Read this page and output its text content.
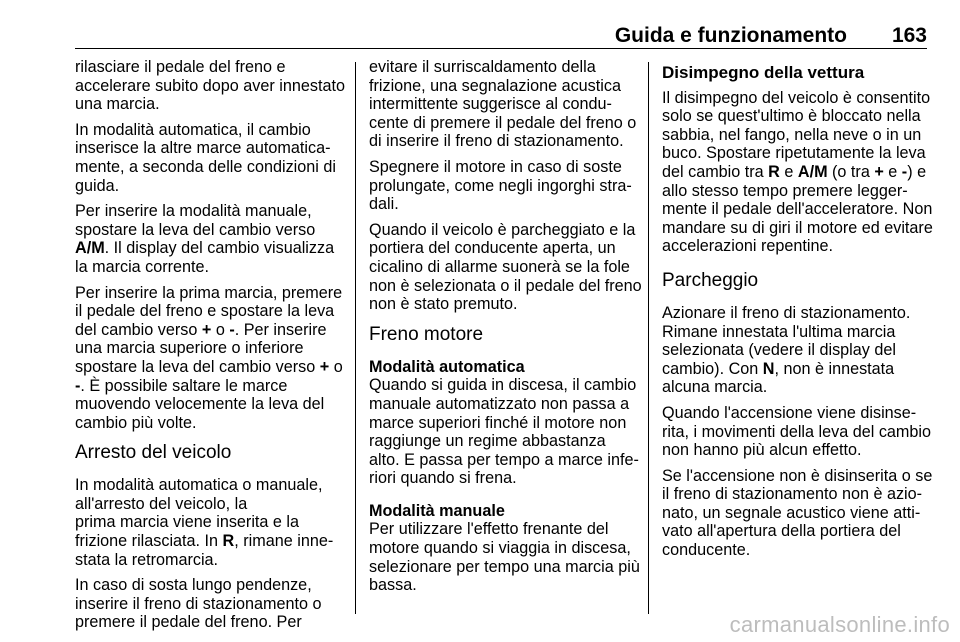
Guida e funzionamento 163

rilasciare il pedale del freno e
accelerare subito dopo aver innestato
una marcia.

In modalità automatica, il cambio
inserisce la altre marce automatica-
mente, a seconda delle condizioni di
guida.

Per inserire la modalità manuale,
spostare la leva del cambio verso
A/M. Il display del cambio visualizza
la marcia corrente.

Per inserire la prima marcia, premere
il pedale del freno e spostare la leva
del cambio verso + o -. Per inserire
una marcia superiore o inferiore
spostare la leva del cambio verso + o
-. È possibile saltare le marce
muovendo velocemente la leva del
cambio più volte.

Arresto del veicolo

In modalità automatica o manuale,
all'arresto del veicolo, la
prima marcia viene inserita e la
frizione rilasciata. In R, rimane inne-
stata la retromarcia.

In caso di sosta lungo pendenze,
inserire il freno di stazionamento o
premere il pedale del freno. Per

evitare il surriscaldamento della
frizione, una segnalazione acustica
intermittente suggerisce al condu-
cente di premere il pedale del freno o
di inserire il freno di stazionamento.

Spegnere il motore in caso di soste
prolungate, come negli ingorghi stra-
dali.

Quando il veicolo è parcheggiato e la
portiera del conducente aperta, un
cicalino di allarme suonerà se la fole
non è selezionata o il pedale del freno
non è stato premuto.

Freno motore
Modalità automatica

Quando si guida in discesa, il cambio
manuale automatizzato non passa a
marce superiori finché il motore non
raggiunge un regime abbastanza
alto. E passa per tempo a marce infe-
riori quando si frena.

Modalità manuale

Per utilizzare l'effetto frenante del
motore quando si viaggia in discesa,
selezionare per tempo una marcia più
bassa.

Disimpegno della vettura

Il disimpegno del veicolo è consentito
solo se quest'ultimo è bloccato nella
sabbia, nel fango, nella neve o in un
buco. Spostare ripetutamente la leva
del cambio tra R e A/M (o tra + e -) e
allo stesso tempo premere legger-
mente il pedale dell'acceleratore. Non
mandare su di giri il motore ed evitare
accelerazioni repentine.

Parcheggio

Azionare il freno di stazionamento.
Rimane innestata l'ultima marcia
selezionata (vedere il display del
cambio). Con N, non è innestata
alcuna marcia.

Quando l'accensione viene disinse-
rita, i movimenti della leva del cambio
non hanno più alcun effetto.

Se l'accensione non è disinserita o se
il freno di stazionamento non è azio-
nato, un segnale acustico viene atti-
vato all'apertura della portiera del
conducente.

carmanualsonline.info
